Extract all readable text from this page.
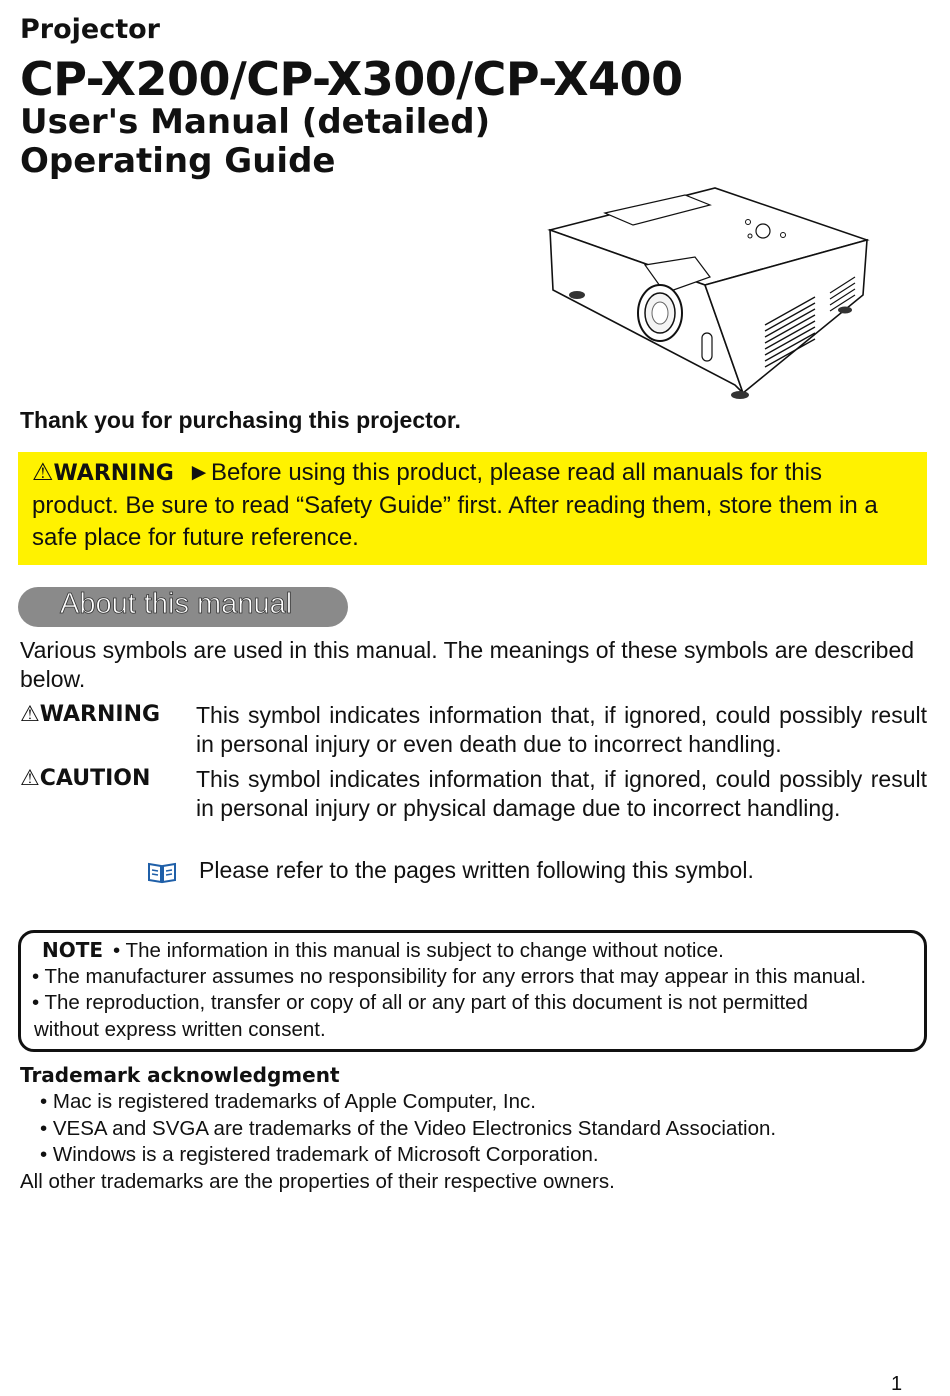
Projector
CP-X200/CP-X300/CP-X400
User's Manual (detailed)
Operating Guide
Thank you for purchasing this projector.
⚠WARNING ►Before using this product, please read all manuals for this product. Be sure to read “Safety Guide” first. After reading them, store them in a safe place for future reference.
About this manual
Various symbols are used in this manual. The meanings of these symbols are described below.
⚠WARNING This symbol indicates information that, if ignored, could possibly result in personal injury or even death due to incorrect handling.
⚠CAUTION This symbol indicates information that, if ignored, could possibly result in personal injury or physical damage due to incorrect handling.
Please refer to the pages written following this symbol.
NOTE • The information in this manual is subject to change without notice.
• The manufacturer assumes no responsibility for any errors that may appear in this manual.
• The reproduction, transfer or copy of all or any part of this document is not permitted
without express written consent.
Trademark acknowledgment
• Mac is registered trademarks of Apple Computer, Inc.
• VESA and SVGA are trademarks of the Video Electronics Standard Association.
• Windows is a registered trademark of Microsoft Corporation.
All other trademarks are the properties of their respective owners.
1
